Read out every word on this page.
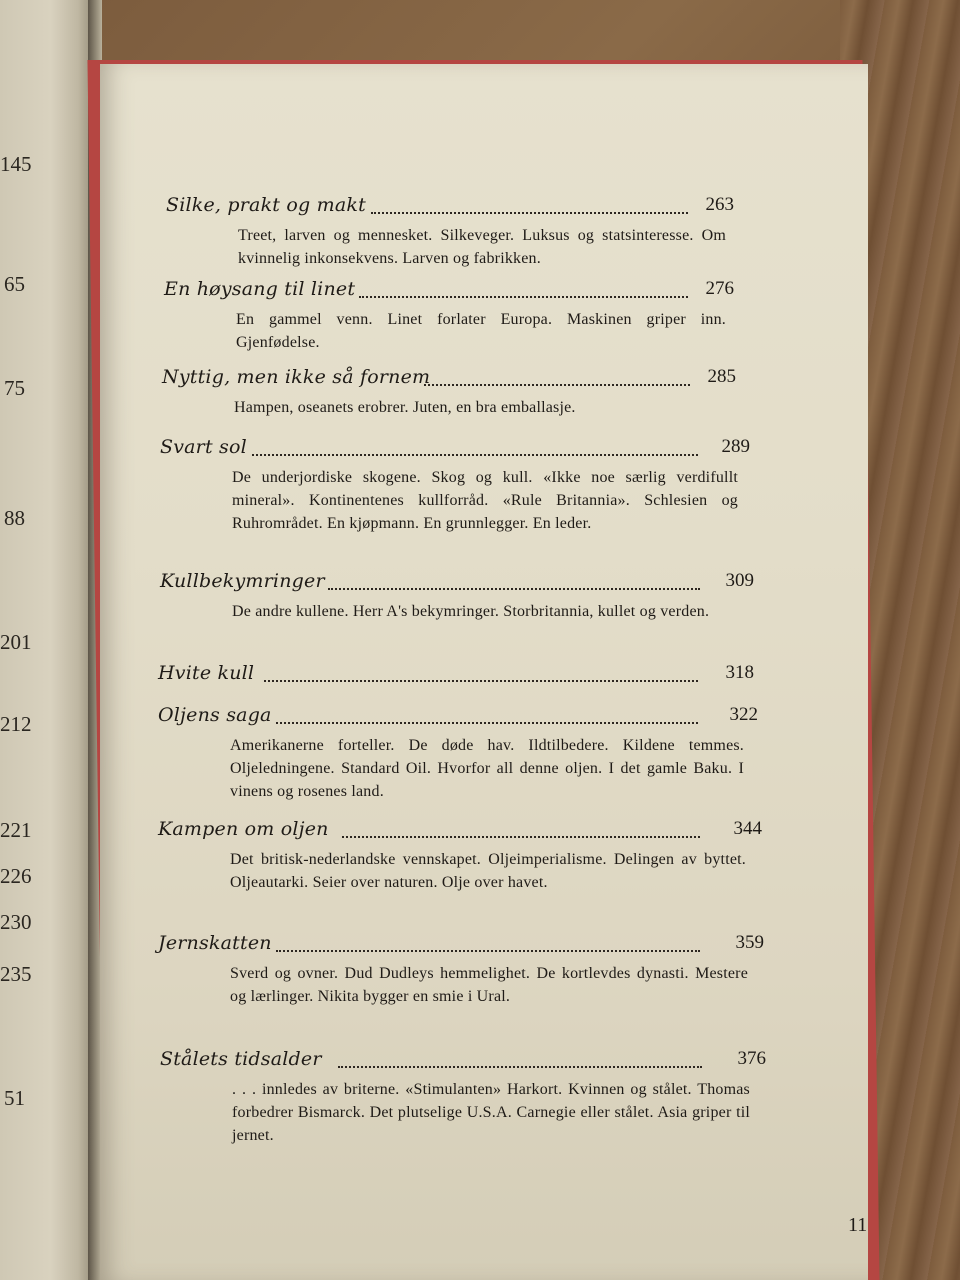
145
65
75
88
201
212
221
226
230
235
51
Silke, prakt og makt	263
Treet, larven og mennesket. Silkeveger. Luksus og statsinteresse. Om kvinnelig inkonsekvens. Larven og fabrikken.
En høysang til linet	276
En gammel venn. Linet forlater Europa. Maskinen griper inn. Gjenfødelse.
Nyttig, men ikke så fornem	285
Hampen, oseanets erobrer. Juten, en bra emballasje.
Svart sol	289
De underjordiske skogene. Skog og kull. «Ikke noe særlig verdifullt mineral». Kontinentenes kullforråd. «Rule Britannia». Schlesien og Ruhrområdet. En kjøpmann. En grunnlegger. En leder.
Kullbekymringer	309
De andre kullene. Herr A's bekymringer. Storbritannia, kullet og verden.
Hvite kull	318
Oljens saga	322
Amerikanerne forteller. De døde hav. Ildtilbedere. Kildene temmes. Oljeledningene. Standard Oil. Hvorfor all denne oljen. I det gamle Baku. I vinens og rosenes land.
Kampen om oljen	344
Det britisk-nederlandske vennskapet. Oljeimperialisme. Delingen av byttet. Oljeautarki. Seier over naturen. Olje over havet.
Jernskatten	359
Sverd og ovner. Dud Dudleys hemmelighet. De kortlevdes dynasti. Mestere og lærlinger. Nikita bygger en smie i Ural.
Stålets tidsalder	376
. . . innledes av briterne. «Stimulanten» Harkort. Kvinnen og stålet. Thomas forbedrer Bismarck. Det plutselige U.S.A. Carnegie eller stålet. Asia griper til jernet.
11
